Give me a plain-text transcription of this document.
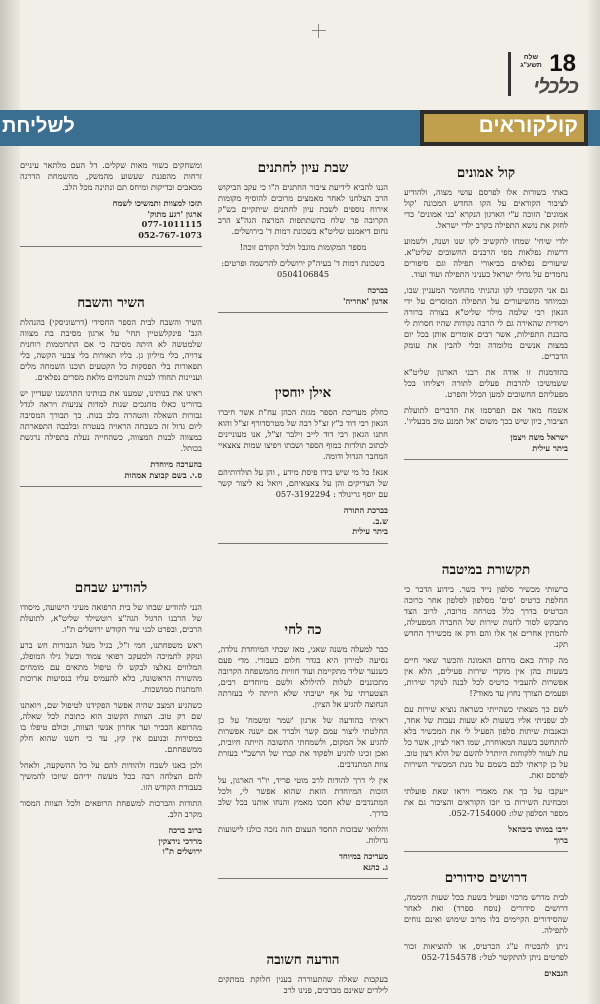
18
שלח תשע"ג
כלכלי
קולקוראים
לשליחת
קול אמונים

באתי בשורות אלו לפרסם עושי מצוה, ולהודיע לציבור הקוראים על הקו החדש המכונה 'קול אמונים' הזוכה ע"י הארגון הנקרא 'בני אמונים' כדי לחזק את נושא התפילה בקרב ילדי ישראל.

ילדי שיחי' שמחו להקשיב לקו שנו ושנה, ולשמוע דרשות נפלאות מפי הרבנים החשובים שליט"א. שיעורים נפלאים בביאורי תפילה וגם סיפורים נחמדים על גדולי ישראל בעניני התפילה ועוד ועוד.

גם אני הקשבתי לקו ונהניתי מהחומר המעניין שבו, ובמיוחד מהשיעורים על התפילה המוסרים על ידי הגאון רבי שלמה מילר שליט"א בצורה ברורה ויסודית שהאירה גם לי הרבה נקודות שהיו חסרות לי בהבנת התפילות, אשר רבים אומרים אותן בכל יום במצות אנשים מלומדה ובלי להבין את עומק הדברים.

בהזדמנות זו אודה את רבני הארגון שליט"א ששמשיכו להרבות פעלים לתורה ויצליחו בכל מפעליהם החשובים למען הכלל והפרט.

אשמח מאד אם תפרסמו את הדברים לתועלת הציבור, כיון שיש בכך משום 'אל תמנע טוב מבעליו'.

ישראל משה ויצמן
ביתר עילית
תקשורת במיטבה

ברשותי מכשיר סלפון נייד כשר. בידוע הדבר כי החלפת כרטיס 'סים' מסלפון לסלפון אחר כרוכה הכרטיס בדרך כלל בטרחה מרובה, לרוב הצד מתבקש לסור לחנות שירות של החברה המפעילה, להמתין אחרים אך אלו והם ודק אז מכשירך החדש תקנ.

מה קורה באם מרחם האמונה והכשר שאוי חיים בשעות בהן אין מוקדי שירות פעילים, הלא אין אפשרות להעביר כרטיס לכל לבנה לנוקר שירות, ופעמים הצורך נחוץ עד מאוד?!

לשם כך מצאתי כשהייתי כשראה נוציא שירות עם לב שפניתי אליו בשעות לא שעות נעבות של אחד, ובאנבות שיתות סלפון הפעיל לי את המכשיר בלא להתחשב בשעה המאוחרת, שמו ראוי לציון, אשר כל עת לעזור ללקוחות היותרל להשם של הלא רצון טוב. על כן קראתי לכם בשמם על מנת המכשיר השירות לפרסם זאת.

ייעקבו על כך את מאמרי ויראו שאת פועלתי ומבחינת השירות בו יזכו הקוראים והציבור גם את מספר הסלפון שלו: 052-7154000.

ירבו במותו ביבהאל
ברוך
דרושים סידורים

לבית מדרש מרכזי ופעיל בשעת בכל שעות היממה, דרושים סידורים (נוסח ספרד) ואת לאחר שהסידורים הקיימים בלו מרוב שימוש ואינם נוחים לתפילה.

ניתן להבטיח ע"ג הכרטיס, או להוציאות זכור לפרטים ניתן להתקשר לטל׳: 052-7154578

הגבאים
שבת עיון לחתנים

הננו להביא לידיעת ציבור החתנים ה"ו כי עקב הביקוש הרב הצלחנו לאחר מאמצים מרובים להוסיף מקומות אירוח נוספים לשבת עיון לחתנים שיתקיים בש"ק הקרובה פר שלח בהשתתפות המרצה הגה"צ הרב נחום דיאמנט שליט"א בשכונת רמות ד' בירושלים.

מספר המקומות מוגבל ולכל הקודם זוכה!

בשכונת רמות ד' בעיה"ק ירושלים להרשמה ופרטים: 0504106845

בברכה
ארגון 'אחריה'
אילן יוחסין

כחלק מעריכת הספר מגזת הכהן עח"ת אשר חיברו הגאון רבי דוד כ"ץ זצ"ל רבה של מטרסדורף זצ"ל והוא חתנו הגאון רבי דוד לייב זילבר זצ"ל, אנו מעוניינים לכתוב תולדות כמוף הספר ושבתו ויפיצו שמות צאצאיי המחבר הגדול ודומה.

אנא! כל מי שיש בידו פיסת מידע , והן על תולדותיהם של הצדיקים והן על צאצאיהם, ויואל נא ליצור קשר עם יוסף גרינולד : 057-3192294

בברכת התורה
ש.ב.
ביתר עילית
כה לחי

כבר למעלה משנה שאני, מאז שבתי המיוחדת נולדה, נסיעה למירון היא בגדר חלום בעבורי. מדי פעם כשנער שליד מתקיימת ועוד חוויות מהמשפחה הקרובה מתכוננים לעלות להילולא ולשם מיוחדים רבים, הצטערתי על אף ישיבתי שלא הייתה לי בעזרתה הנחוצה להגיע אל הציון.

ראיתי בהודעה של ארגון 'שמר ומשמח' על כן החלטתי ליצור עמם קשר ולברר אם ישנה אפשרות להגיע אל המקום, ולשמחתי התשובה הייתה חיובית, ואכן זכינו להגיע ולפקוד את קברו של הרשב"י בעזרת צוות המתנדבים.

אין לי דרך להודות לרב מוטי פריד, יו"ר הארגון, על הזכות המיוחדת הזאת שהוא אפשר לי, ולכל המתנדבים שלא חסכו מאמץ והנחו אותנו בכל שלב בדרך.

והלוואי שבזכות החסד העצום הזה נזכה כולנו לישועות גדולות.

מעריכה במיוחד
ג. כהנא
הודעה חשובה

בעקבות שאלה שהתעוררה בענין חלוקת ממתקים לילדים שאינם מברכים, פנינו לרב

ומשחקים בשווי מאות שקלים. דל העם מלתאר עיניים זרחות מהפגנת שעשוע מהמשק, מהשמחת הדרגה מכאבים ובדיקות ומיחס תם ונתינה מכל הלב.

תזכו למצוות ותמשיכו לשמח
ארגון 'רגע מתוק'
077-1011115
052-767-1073
השיר והשבח

השיר והשבח לבית הספר החסידי (דרשוניסקי) בהנהלת הגב' פינקלשטיין תחי' על ארגון מסיבת בת מצווה שלמטשה לא היתה מסיבה כי אם התרוממות רוחנית צרויה, בלי מיליון גן. בליו תאורות בלי צבעי הקשה, בלי תפאורות בלי הפסקות כל הקטעים תוכנו השמחה מלים ועניינות תחודו לבנות והנוכחים מלאת מסרים נפלאים.

ראינו את בנותינו, שמענו את בנותינו התרגשנו שעדיין יש בדורינו כאלו מחנכים שנות למדות צניעות ויראה לגדל גבורות השאלה והטהרה בלב בנות. כך תבורך המסיבה ליום גדול זה בשבחה הראויה בעטרה ובלבבה התפארתה במצווה לבנות המצווה, כשהחייה נעלת בתפילה נרגשת בכותל.

בהערכה מיוחדת
ס.י. בשם קבוצת אמהות
להודיע שבחם

הנני להודיע שבחו של בית הרפואה מעיני הישועה, מיסודו של הרבנו הדגול הגה"צ רוטשילד שליט"א, לתועלת הרבים, ובפרט לבני עיר הקודש ירושלים ת"ו.

ראש משפחתנו, חמי ז"ל, בגיל מעל הגבורות חש ברע ונזקק לתמיכה ולמעקב רפואי צמוד ובשל גילו המופלג, המלווים נאלצו לבקש לו טיפול מתאים עם מומחים מהשורה הראשונה, בלא להעמיס עליו בנסיעות ארוכות והמתנות ממושכות.

כשהגיע המצב שהיה אפשר הפקידנו לטיפול שם, ויואתנו שם רק טוב. הצוות הקשוב הוא כתובת לכל שאלה, מהרופא הבכיר ועד אחרון אנשי הצוות, וכולם טיפלו בו במסירות ובנועם אין קץ, עד כי חשנו שהוא חלק ממשפחתם.

ולכן באנו לשבח ולהודות להם על כל ההשקעה, ולאחל להם הצלחה רבה בכל מעשה ידיהם שיזכו להמשיך בעבודת הקודש הזו.

התודות והברכות למשפחת הרופאים ולכל הצוות המסור מקרב הלב.

ברוב ברכה
מרדכי נידצקין
ירושלים ת"ו
